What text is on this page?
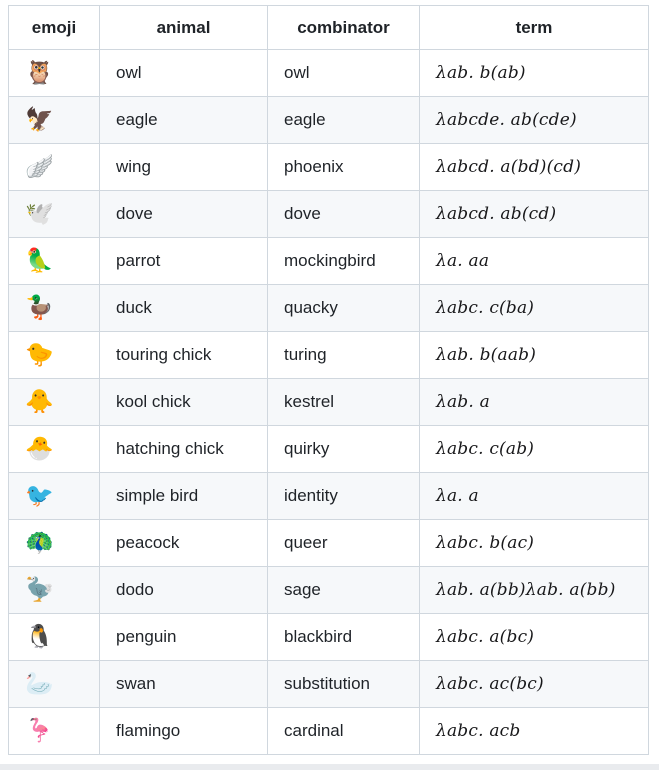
emoji	animal	combinator	term
🦉	owl	owl	λab. b(ab)
🦅	eagle	eagle	λabcde. ab(cde)
🪽	wing	phoenix	λabcd. a(bd)(cd)
🕊️	dove	dove	λabcd. ab(cd)
🦜	parrot	mockingbird	λa. aa
🦆	duck	quacky	λabc. c(ba)
🐤	touring chick	turing	λab. b(aab)
🐥	kool chick	kestrel	λab. a
🐣	hatching chick	quirky	λabc. c(ab)
🐦	simple bird	identity	λa. a
🦚	peacock	queer	λabc. b(ac)
🦤	dodo	sage	λab. a(bb)λab. a(bb)
🐧	penguin	blackbird	λabc. a(bc)
🦢	swan	substitution	λabc. ac(bc)
🦩	flamingo	cardinal	λabc. acb
